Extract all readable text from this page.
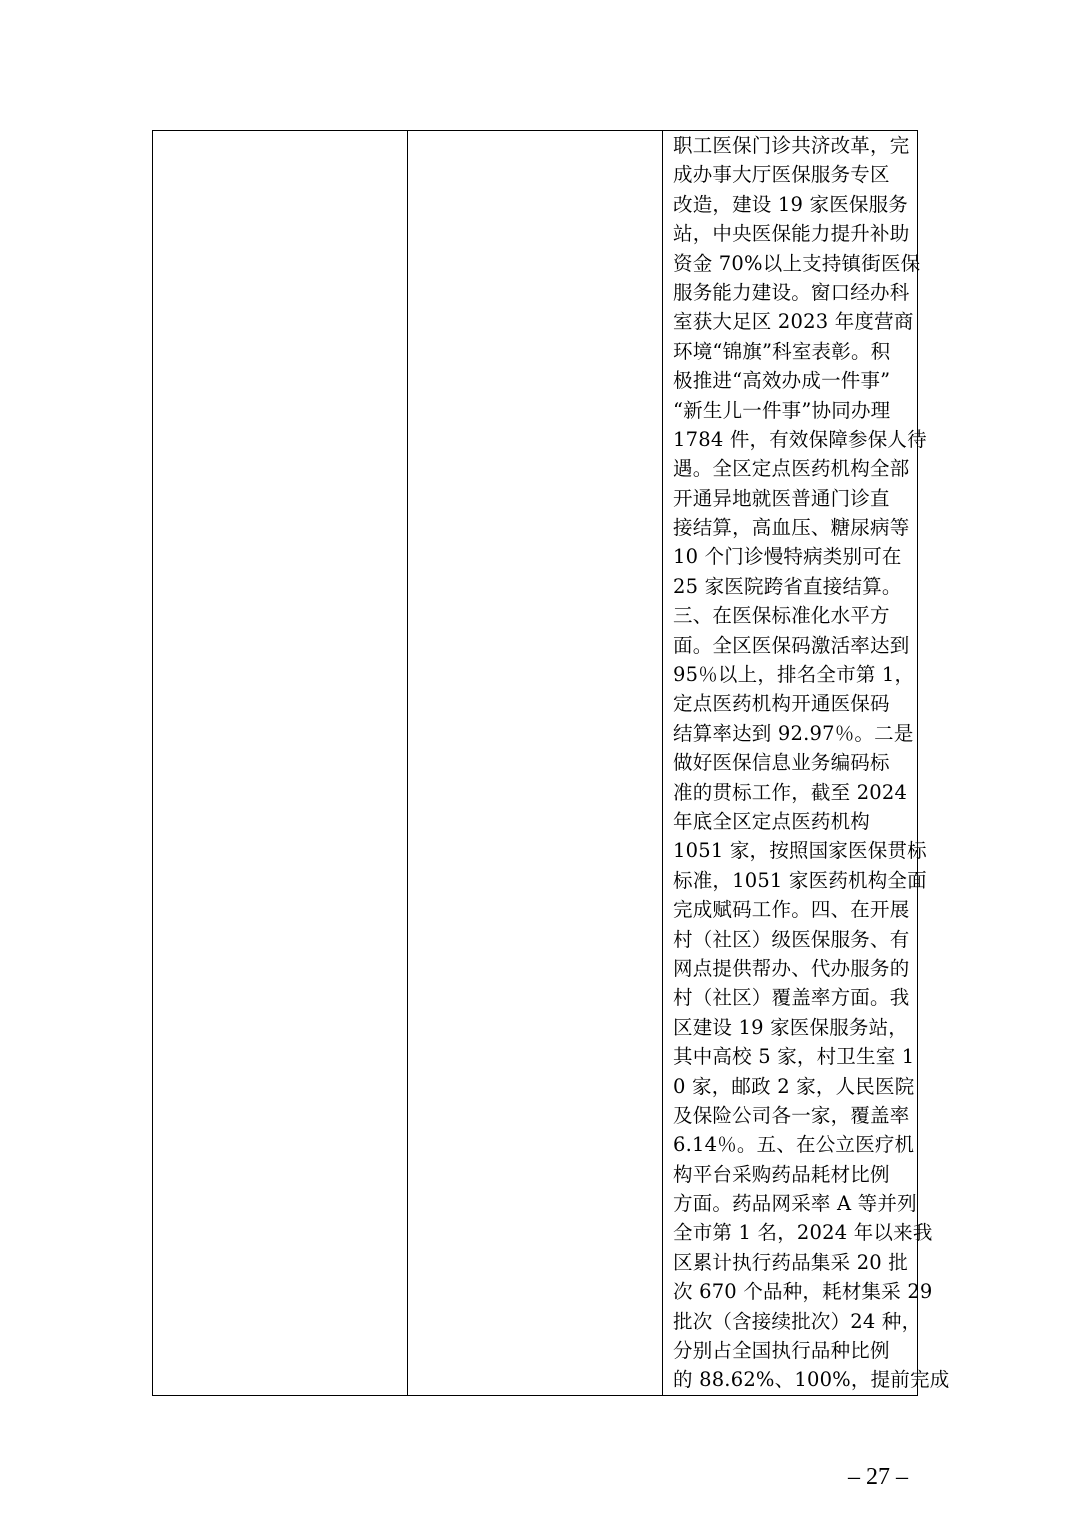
职工医保门诊共济改革，完
成办事大厅医保服务专区
改造，建设 19 家医保服务
站，中央医保能力提升补助
资金 70%以上支持镇街医保
服务能力建设。窗口经办科
室获大足区 2023 年度营商
环境“锦旗”科室表彰。积
极推进“高效办成一件事”
“新生儿一件事”协同办理
1784 件，有效保障参保人待
遇。全区定点医药机构全部
开通异地就医普通门诊直
接结算，高血压、糖尿病等
10 个门诊慢特病类别可在
25 家医院跨省直接结算。
三、在医保标准化水平方
面。全区医保码激活率达到
95％以上，排名全市第 1，
定点医药机构开通医保码
结算率达到 92.97％。二是
做好医保信息业务编码标
准的贯标工作，截至 2024
年底全区定点医药机构
1051 家，按照国家医保贯标
标准，1051 家医药机构全面
完成赋码工作。四、在开展
村（社区）级医保服务、有
网点提供帮办、代办服务的
村（社区）覆盖率方面。我
区建设 19 家医保服务站，
其中高校 5 家，村卫生室 1
0 家，邮政 2 家，人民医院
及保险公司各一家，覆盖率
6.14％。五、在公立医疗机
构平台采购药品耗材比例
方面。药品网采率 A 等并列
全市第 1 名，2024 年以来我
区累计执行药品集采 20 批
次 670 个品种，耗材集采 29
批次（含接续批次）24 种，
分别占全国执行品种比例
的 88.62%、100%，提前完成
– 27 –
